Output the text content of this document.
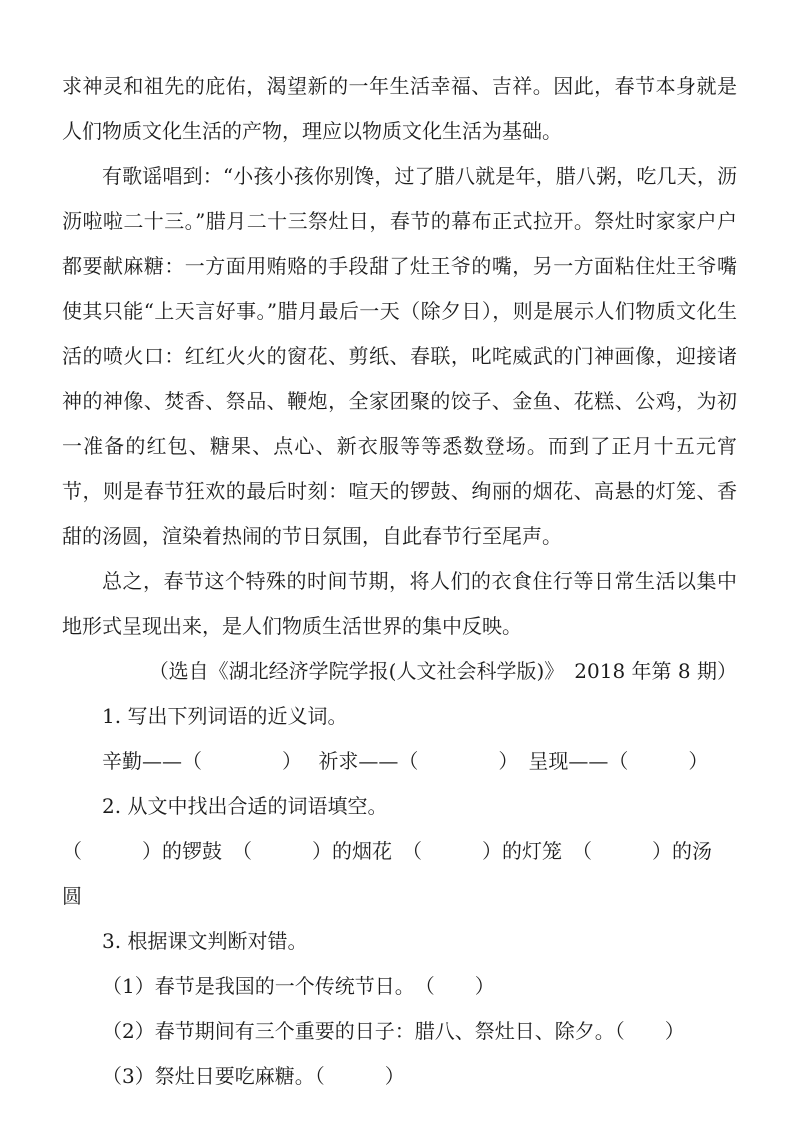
求神灵和祖先的庇佑，渴望新的一年生活幸福、吉祥。因此，春节本身就是人们物质文化生活的产物，理应以物质文化生活为基础。

有歌谣唱到：“小孩小孩你别馋，过了腊八就是年，腊八粥，吃几天，沥沥啦啦二十三。”腊月二十三祭灶日，春节的幕布正式拉开。祭灶时家家户户都要献麻糖：一方面用贿赂的手段甜了灶王爷的嘴，另一方面粘住灶王爷嘴使其只能“上天言好事。”腊月最后一天（除夕日），则是展示人们物质文化生活的喷火口：红红火火的窗花、剪纸、春联，叱咤威武的门神画像，迎接诸神的神像、焚香、祭品、鞭炮，全家团聚的饺子、金鱼、花糕、公鸡，为初一准备的红包、糖果、点心、新衣服等等悉数登场。而到了正月十五元宵节，则是春节狂欢的最后时刻：喧天的锣鼓、绚丽的烟花、高悬的灯笼、香甜的汤圆，渲染着热闹的节日氛围，自此春节行至尾声。

总之，春节这个特殊的时间节期，将人们的衣食住行等日常生活以集中地形式呈现出来，是人们物质生活世界的集中反映。

（选自《湖北经济学院学报(人文社会科学版)》　2018 年第 8 期）

1. 写出下列词语的近义词。

辛勤——（　　　　）　 祈求——（　　　　）　呈现——（　　　）

2. 从文中找出合适的词语填空。

（　　　）的锣鼓　（　　　）的烟花　（　　　）的灯笼　（　　　）的汤

圆

3. 根据课文判断对错。

（1）春节是我国的一个传统节日。　（　　）

（2）春节期间有三个重要的日子：腊八、祭灶日、除夕。（　　）

（3）祭灶日要吃麻糖。（　　　）
